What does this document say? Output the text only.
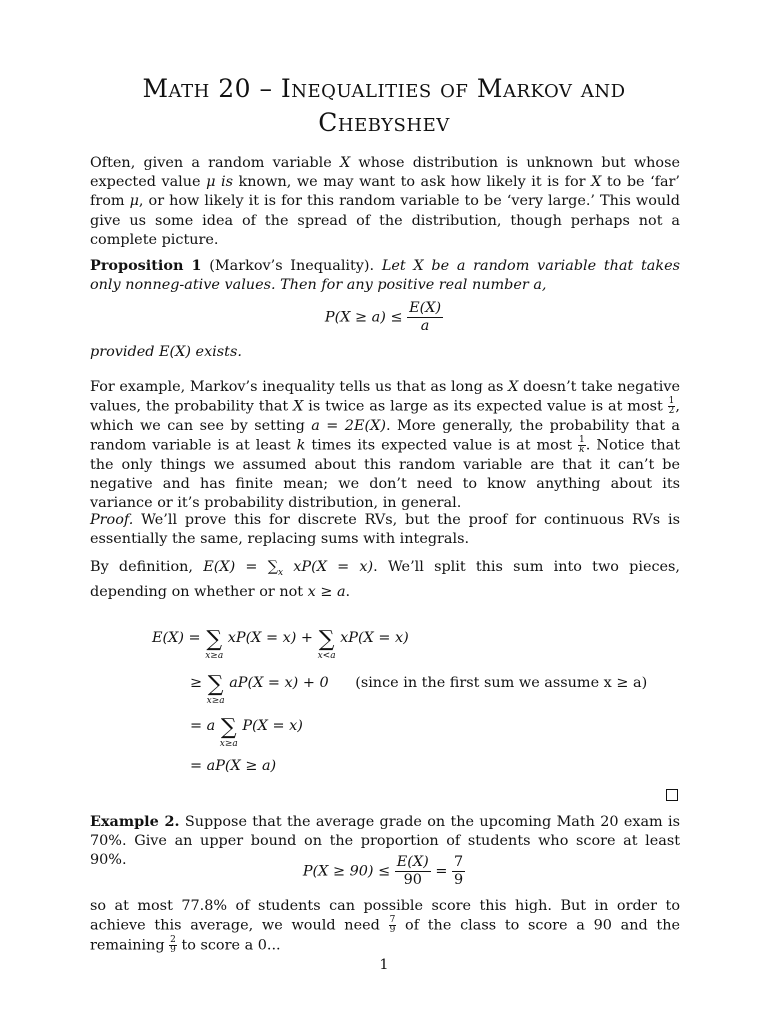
Math 20 – Inequalities of Markov and
Chebyshev
Often, given a random variable X whose distribution is unknown but whose expected value μ is known, we may want to ask how likely it is for X to be ‘far’ from μ, or how likely it is for this random variable to be ‘very large.’ This would give us some idea of the spread of the distribution, though perhaps not a complete picture.
Proposition 1 (Markov’s Inequality). Let X be a random variable that takes only nonneg-ative values. Then for any positive real number a,
$P(X \ge a) \le \frac{E(X)}{a}$
provided E(X) exists.
For example, Markov’s inequality tells us that as long as X doesn’t take negative values, the probability that X is twice as large as its expected value is at most $\frac{1}{2}$ , which we can see by setting a = 2E(X). More generally, the probability that a random variable is at least k times its expected value is at most $\frac{1}{k}$ . Notice that the only things we assumed about this random variable are that it can’t be negative and has finite mean; we don’t need to know anything about its variance or it’s probability distribution, in general.
Proof. We’ll prove this for discrete RVs, but the proof for continuous RVs is essentially the same, replacing sums with integrals.
By definition, $E(X) = \sum_x$ xP(X = x). We’ll split this sum into two pieces, depending on whether or not x ≥ a.
E(X) = ∑
x≥a
xP(X = x) + ∑
x<a
xP(X = x)
≥ ∑
x≥a
aP(X = x) + 0 (since in the first sum we assume x ≥ a)
= a ∑
x≥a
P(X = x)
= aP(X ≥ a)
Example 2. Suppose that the average grade on the upcoming Math 20 exam is 70%. Give an upper bound on the proportion of students who score at least 90%.
$P(X \ge 90) \le \frac{E(X)}{90} = \frac{7}{9}$
so at most 77.8% of students can possible score this high. But in order to achieve this average, we would need $\frac{7}{9}$ of the class to score a 90 and the remaining $\frac{2}{9}$ to score a 0...
1
